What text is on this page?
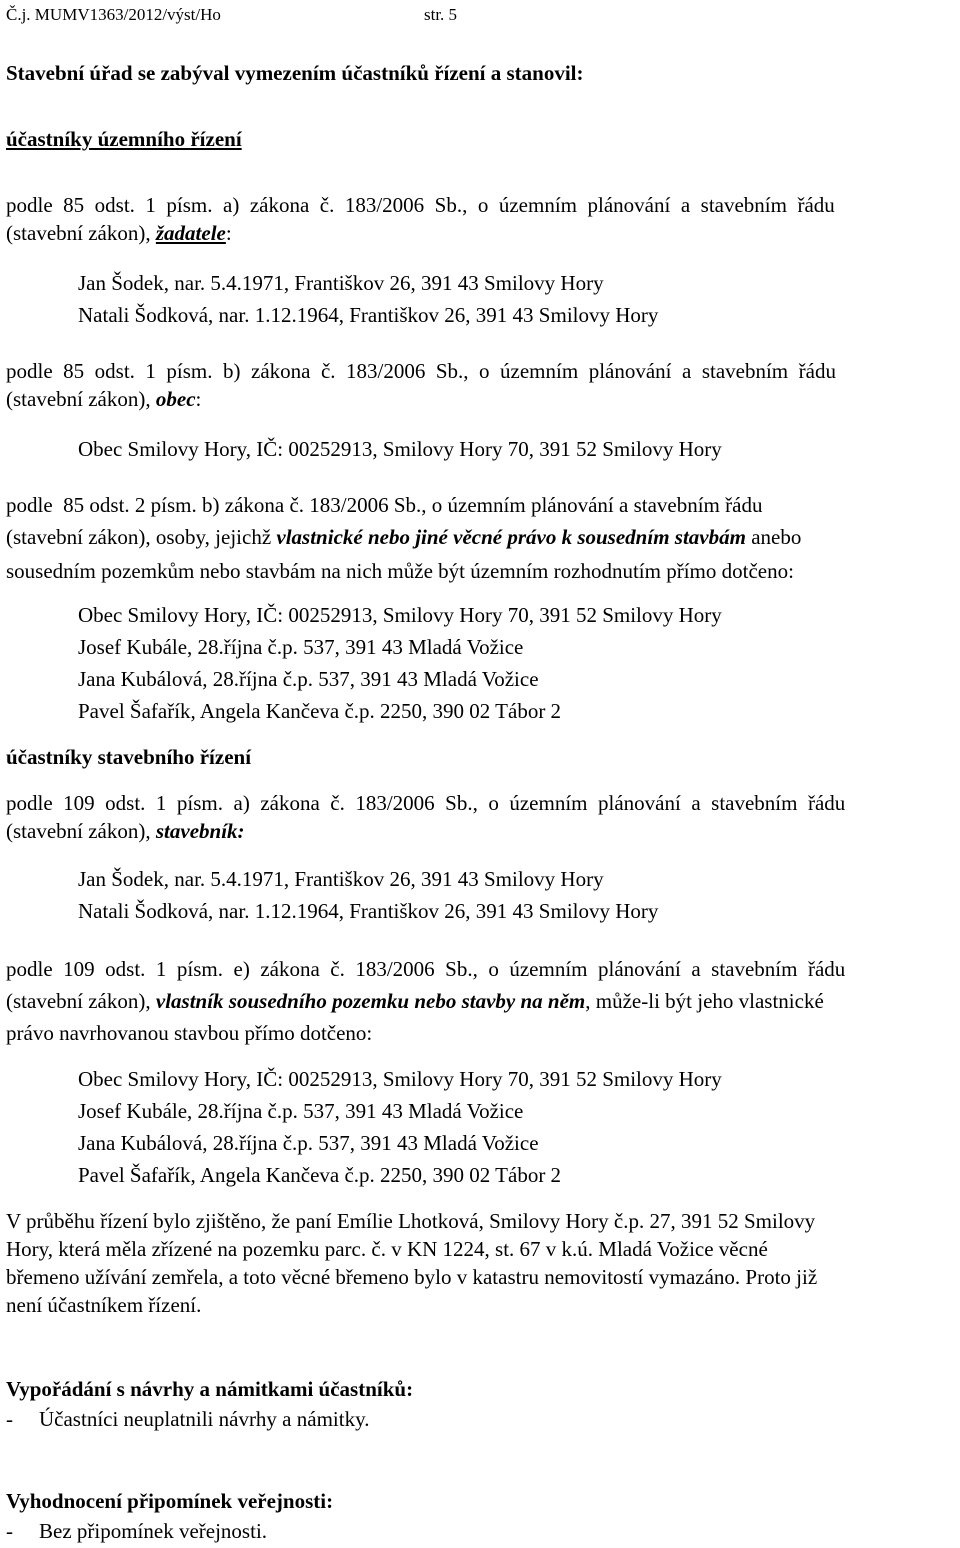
Č.j. MUMV1363/2012/výst/Ho	str. 5
Stavební úřad se zabýval vymezením účastníků řízení a stanovil:
účastníky územního řízení
podle  85  odst.  1  písm.  a)  zákona  č.  183/2006  Sb.,  o  územním  plánování  a  stavebním  řádu
(stavební zákon), žadatele:
Jan Šodek, nar. 5.4.1971, Františkov 26, 391 43 Smilovy Hory
Natali Šodková, nar. 1.12.1964, Františkov 26, 391 43 Smilovy Hory
podle  85  odst.  1  písm.  b)  zákona  č.  183/2006  Sb.,  o  územním  plánování  a  stavebním  řádu
(stavební zákon), obec:
Obec Smilovy Hory, IČ: 00252913, Smilovy Hory 70, 391 52 Smilovy Hory
podle  85 odst. 2 písm. b) zákona č. 183/2006 Sb., o územním plánování a stavebním řádu
(stavební zákon), osoby, jejichž vlastnické nebo jiné věcné právo k sousedním stavbám anebo
sousedním pozemkům nebo stavbám na nich může být územním rozhodnutím přímo dotčeno:
Obec Smilovy Hory, IČ: 00252913, Smilovy Hory 70, 391 52 Smilovy Hory
Josef Kubále, 28.října č.p. 537, 391 43 Mladá Vožice
Jana Kubálová, 28.října č.p. 537, 391 43 Mladá Vožice
Pavel Šafařík, Angela Kančeva č.p. 2250, 390 02 Tábor 2
účastníky stavebního řízení
podle  109  odst.  1  písm.  a)  zákona  č.  183/2006  Sb.,  o  územním  plánování  a  stavebním  řádu
(stavební zákon), stavebník:
Jan Šodek, nar. 5.4.1971, Františkov 26, 391 43 Smilovy Hory
Natali Šodková, nar. 1.12.1964, Františkov 26, 391 43 Smilovy Hory
podle  109  odst.  1  písm.  e)  zákona  č.  183/2006  Sb.,  o  územním  plánování  a  stavebním  řádu
(stavební zákon), vlastník sousedního pozemku nebo stavby na něm, může-li být jeho vlastnické
právo navrhovanou stavbou přímo dotčeno:
Obec Smilovy Hory, IČ: 00252913, Smilovy Hory 70, 391 52 Smilovy Hory
Josef Kubále, 28.října č.p. 537, 391 43 Mladá Vožice
Jana Kubálová, 28.října č.p. 537, 391 43 Mladá Vožice
Pavel Šafařík, Angela Kančeva č.p. 2250, 390 02 Tábor 2
V průběhu řízení bylo zjištěno, že paní Emílie Lhotková, Smilovy Hory č.p. 27, 391 52 Smilovy
Hory, která měla zřízené na pozemku parc. č. v KN 1224, st. 67 v k.ú. Mladá Vožice věcné
břemeno užívání zemřela, a toto věcné břemeno bylo v katastru nemovitostí vymazáno. Proto již
není účastníkem řízení.
Vypořádání s návrhy a námitkami účastníků:
- Účastníci neuplatnili návrhy a námitky.
Vyhodnocení připomínek veřejnosti:
- Bez připomínek veřejnosti.
